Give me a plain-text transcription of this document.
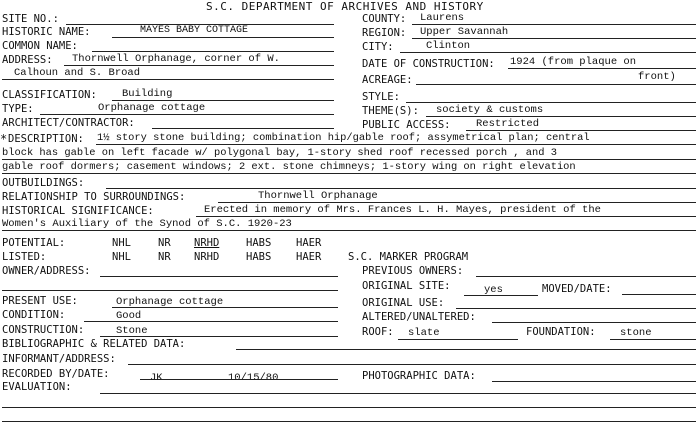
S.C. DEPARTMENT OF ARCHIVES AND HISTORY
SITE NO.:
HISTORIC NAME:	MAYES BABY COTTAGE
COMMON NAME:
ADDRESS: Thornwell Orphanage, corner of W.
Calhoun and S. Broad
CLASSIFICATION: Building
TYPE:	Orphanage cottage
ARCHITECT/CONTRACTOR:
COUNTY: Laurens
REGION: Upper Savannah
CITY:	Clinton
DATE OF CONSTRUCTION: 1924 (from plaque on
front)
ACREAGE:
STYLE:
THEME(S): society & customs
PUBLIC ACCESS: Restricted
* DESCRIPTION: 1½ story stone building; combination hip/gable roof; assymetrical plan; central
block has gable on left facade w/ polygonal bay, 1-story shed roof recessed porch , and 3
gable roof dormers; casement windows; 2 ext. stone chimneys; 1-story wing on right elevation
OUTBUILDINGS:
RELATIONSHIP TO SURROUNDINGS:	Thornwell Orphanage
HISTORICAL SIGNIFICANCE:	Erected in memory of Mrs. Frances L. H. Mayes, president of the
Women's Auxiliary of the Synod of S.C. 1920-23
POTENTIAL:	NHL	NR NRHD	HABS HAER
LISTED:	NHL	NR NRHD	HABS HAER	S.C. MARKER PROGRAM
OWNER/ADDRESS:	PREVIOUS OWNERS:
ORIGINAL SITE:	yes	MOVED/DATE:
PRESENT USE:	Orphanage cottage	ORIGINAL USE:
CONDITION:	Good	ALTERED/UNALTERED:
CONSTRUCTION:	Stone	ROOF: slate	FOUNDATION: stone
BIBLIOGRAPHIC & RELATED DATA:
INFORMANT/ADDRESS:
RECORDED BY/DATE:	JK	10/15/80	PHOTOGRAPHIC DATA:
EVALUATION:
